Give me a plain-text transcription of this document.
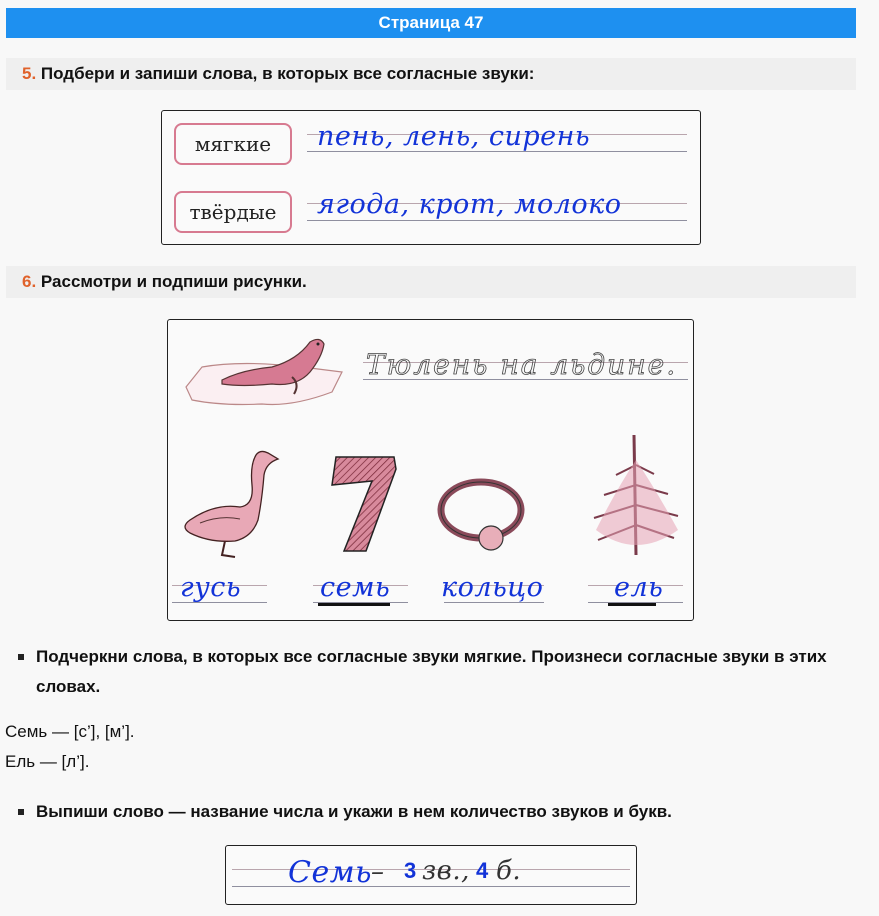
Страница 47
5. Подбери и запиши слова, в которых все согласные звуки:
мягкие	пень, лень, сирень
твёрдые	ягода, крот, молоко
6. Рассмотри и подпиши рисунки.
Тюлень на льдине.
гусь	семь кольцо	ель
Подчеркни слова, в которых все согласные звуки мягкие. Произнеси согласные звуки в этих словах.
Семь — [с’], [м’].
Ель — [л’].
Выпиши слово — название числа и укажи в нем количество звуков и букв.
Семь – 3 зв., 4 б.
